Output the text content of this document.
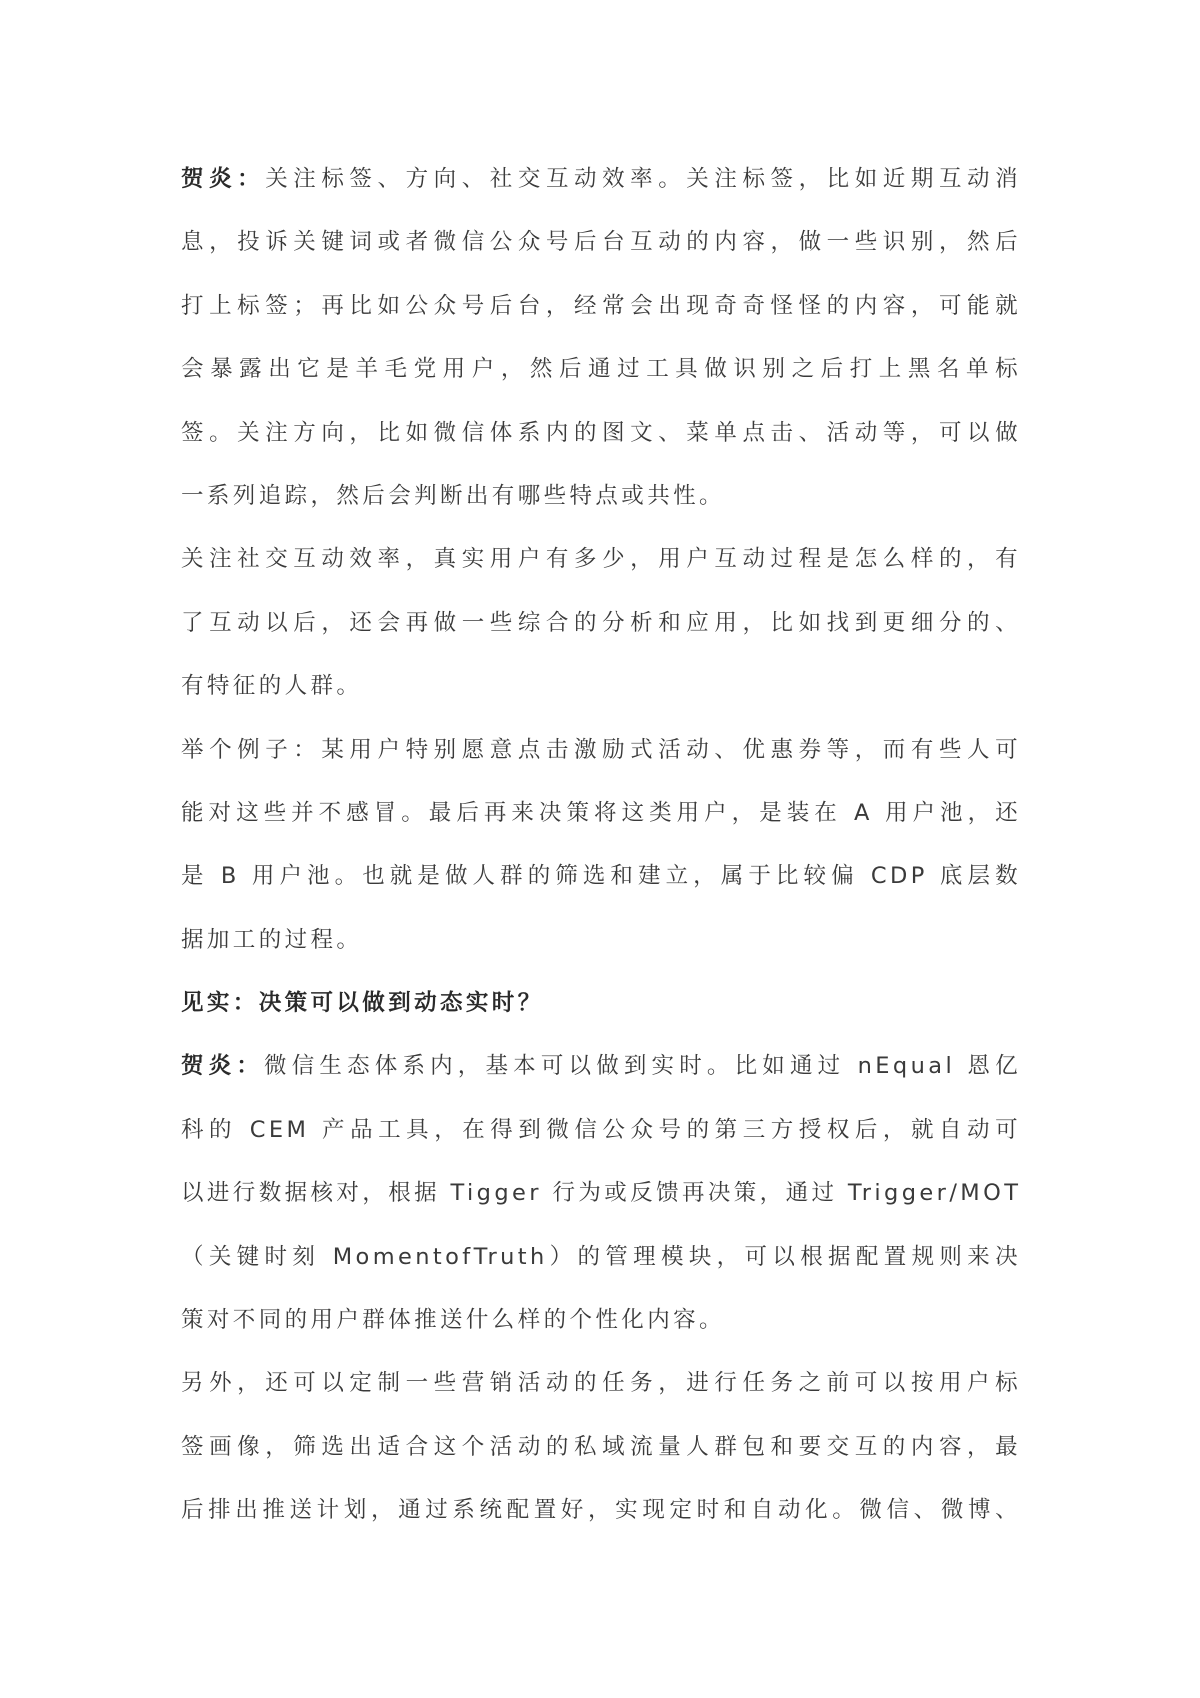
贺炎：关注标签、方向、社交互动效率。关注标签，比如近期互动消
息，投诉关键词或者微信公众号后台互动的内容，做一些识别，然后
打上标签；再比如公众号后台，经常会出现奇奇怪怪的内容，可能就
会暴露出它是羊毛党用户，然后通过工具做识别之后打上黑名单标
签。关注方向，比如微信体系内的图文、菜单点击、活动等，可以做
一系列追踪，然后会判断出有哪些特点或共性。
关注社交互动效率，真实用户有多少，用户互动过程是怎么样的，有
了互动以后，还会再做一些综合的分析和应用，比如找到更细分的、
有特征的人群。
举个例子：某用户特别愿意点击激励式活动、优惠券等，而有些人可
能对这些并不感冒。最后再来决策将这类用户，是装在 A 用户池，还
是 B 用户池。也就是做人群的筛选和建立，属于比较偏 CDP 底层数
据加工的过程。
见实：决策可以做到动态实时？
贺炎：微信生态体系内，基本可以做到实时。比如通过 nEqual 恩亿
科的 CEM 产品工具，在得到微信公众号的第三方授权后，就自动可
以进行数据核对，根据 Tigger 行为或反馈再决策，通过 Trigger/MOT
（关键时刻 MomentofTruth）的管理模块，可以根据配置规则来决
策对不同的用户群体推送什么样的个性化内容。
另外，还可以定制一些营销活动的任务，进行任务之前可以按用户标
签画像，筛选出适合这个活动的私域流量人群包和要交互的内容，最
后排出推送计划，通过系统配置好，实现定时和自动化。微信、微博、
